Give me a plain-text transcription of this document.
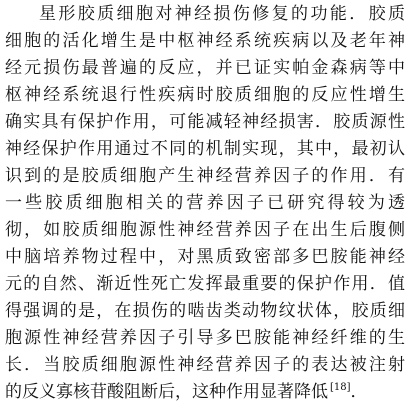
星形胶质细胞对神经损伤修复的功能．胶质
细胞的活化增生是中枢神经系统疾病以及老年神
经元损伤最普遍的反应，并已证实帕金森病等中
枢神经系统退行性疾病时胶质细胞的反应性增生
确实具有保护作用，可能减轻神经损害．胶质源性
神经保护作用通过不同的机制实现，其中，最初认
识到的是胶质细胞产生神经营养因子的作用．有
一些胶质细胞相关的营养因子已研究得较为透
彻，如胶质细胞源性神经营养因子在出生后腹侧
中脑培养物过程中，对黑质致密部多巴胺能神经
元的自然、渐近性死亡发挥最重要的保护作用．值
得强调的是，在损伤的啮齿类动物纹状体，胶质细
胞源性神经营养因子引导多巴胺能神经纤维的生
长．当胶质细胞源性神经营养因子的表达被注射
的反义寡核苷酸阻断后，这种作用显著降低 [18]．
